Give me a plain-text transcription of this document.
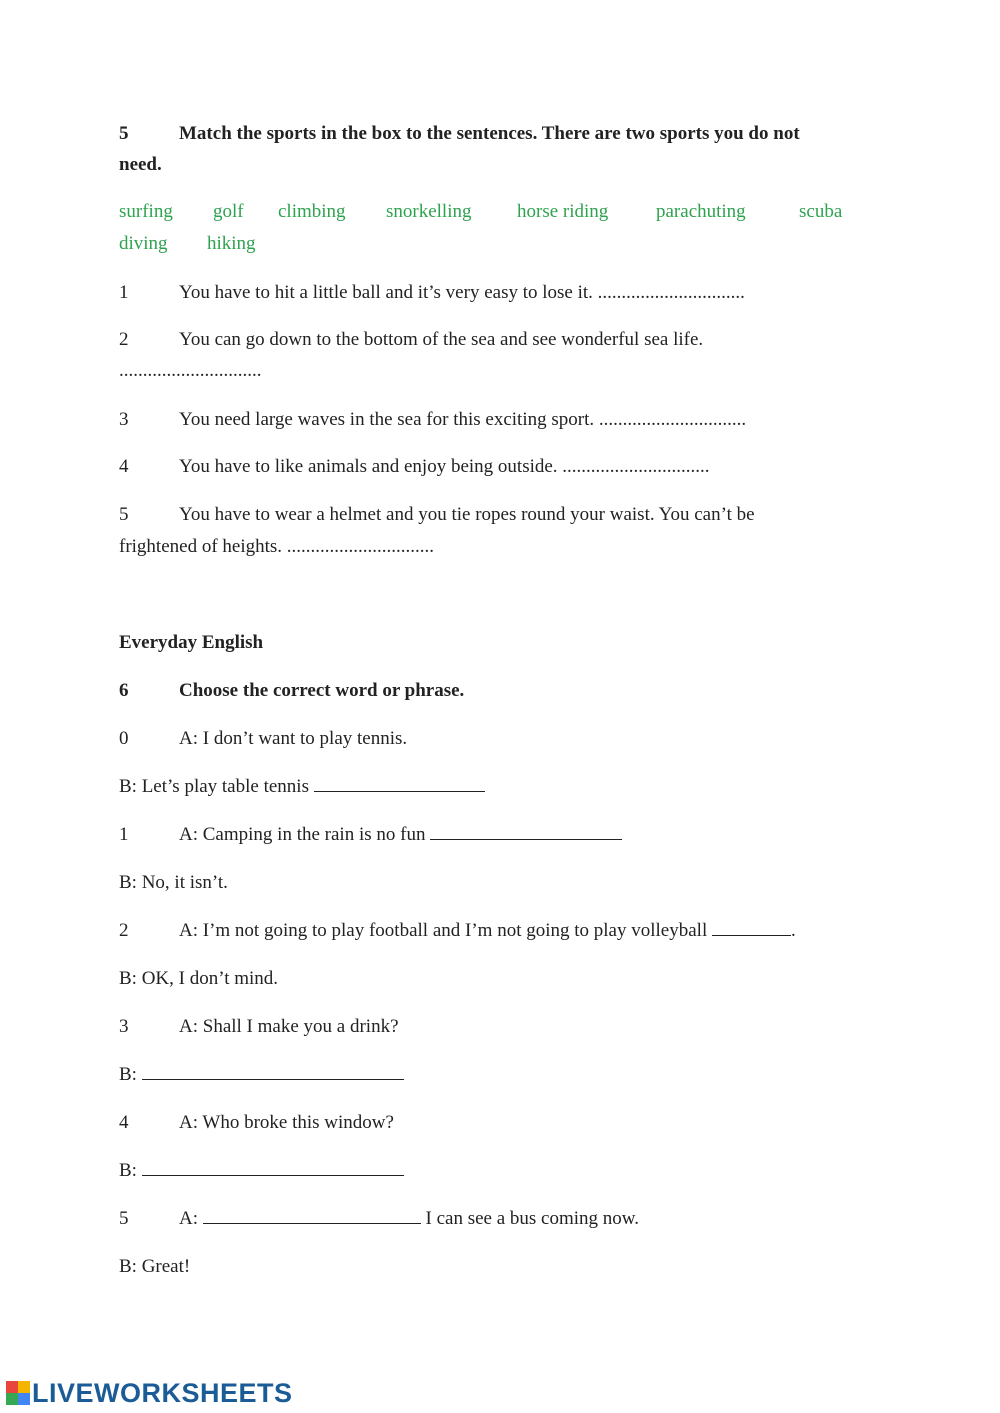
5	Match the sports in the box to the sentences. There are two sports you do not
need.
surfing golf climbing snorkelling horse riding	parachuting	scuba
diving hiking
1	You have to hit a little ball and it’s very easy to lose it. ...............................
2	You can go down to the bottom of the sea and see wonderful sea life.
..............................
3	You need large waves in the sea for this exciting sport. ...............................
4	You have to like animals and enjoy being outside. ...............................
5	You have to wear a helmet and you tie ropes round your waist. You can’t be
frightened of heights. ...............................
Everyday English
6	Choose the correct word or phrase.
0	A: I don’t want to play tennis.
B: Let’s play table tennis
1	A: Camping in the rain is no fun
B: No, it isn’t.
2	A: I’m not going to play football and I’m not going to play volleyball	.
B: OK, I don’t mind.
3	A: Shall I make you a drink?
B:
4	A: Who broke this window?
B:
5	A:	I can see a bus coming now.
B: Great!
LIVEWORKSHEETS
